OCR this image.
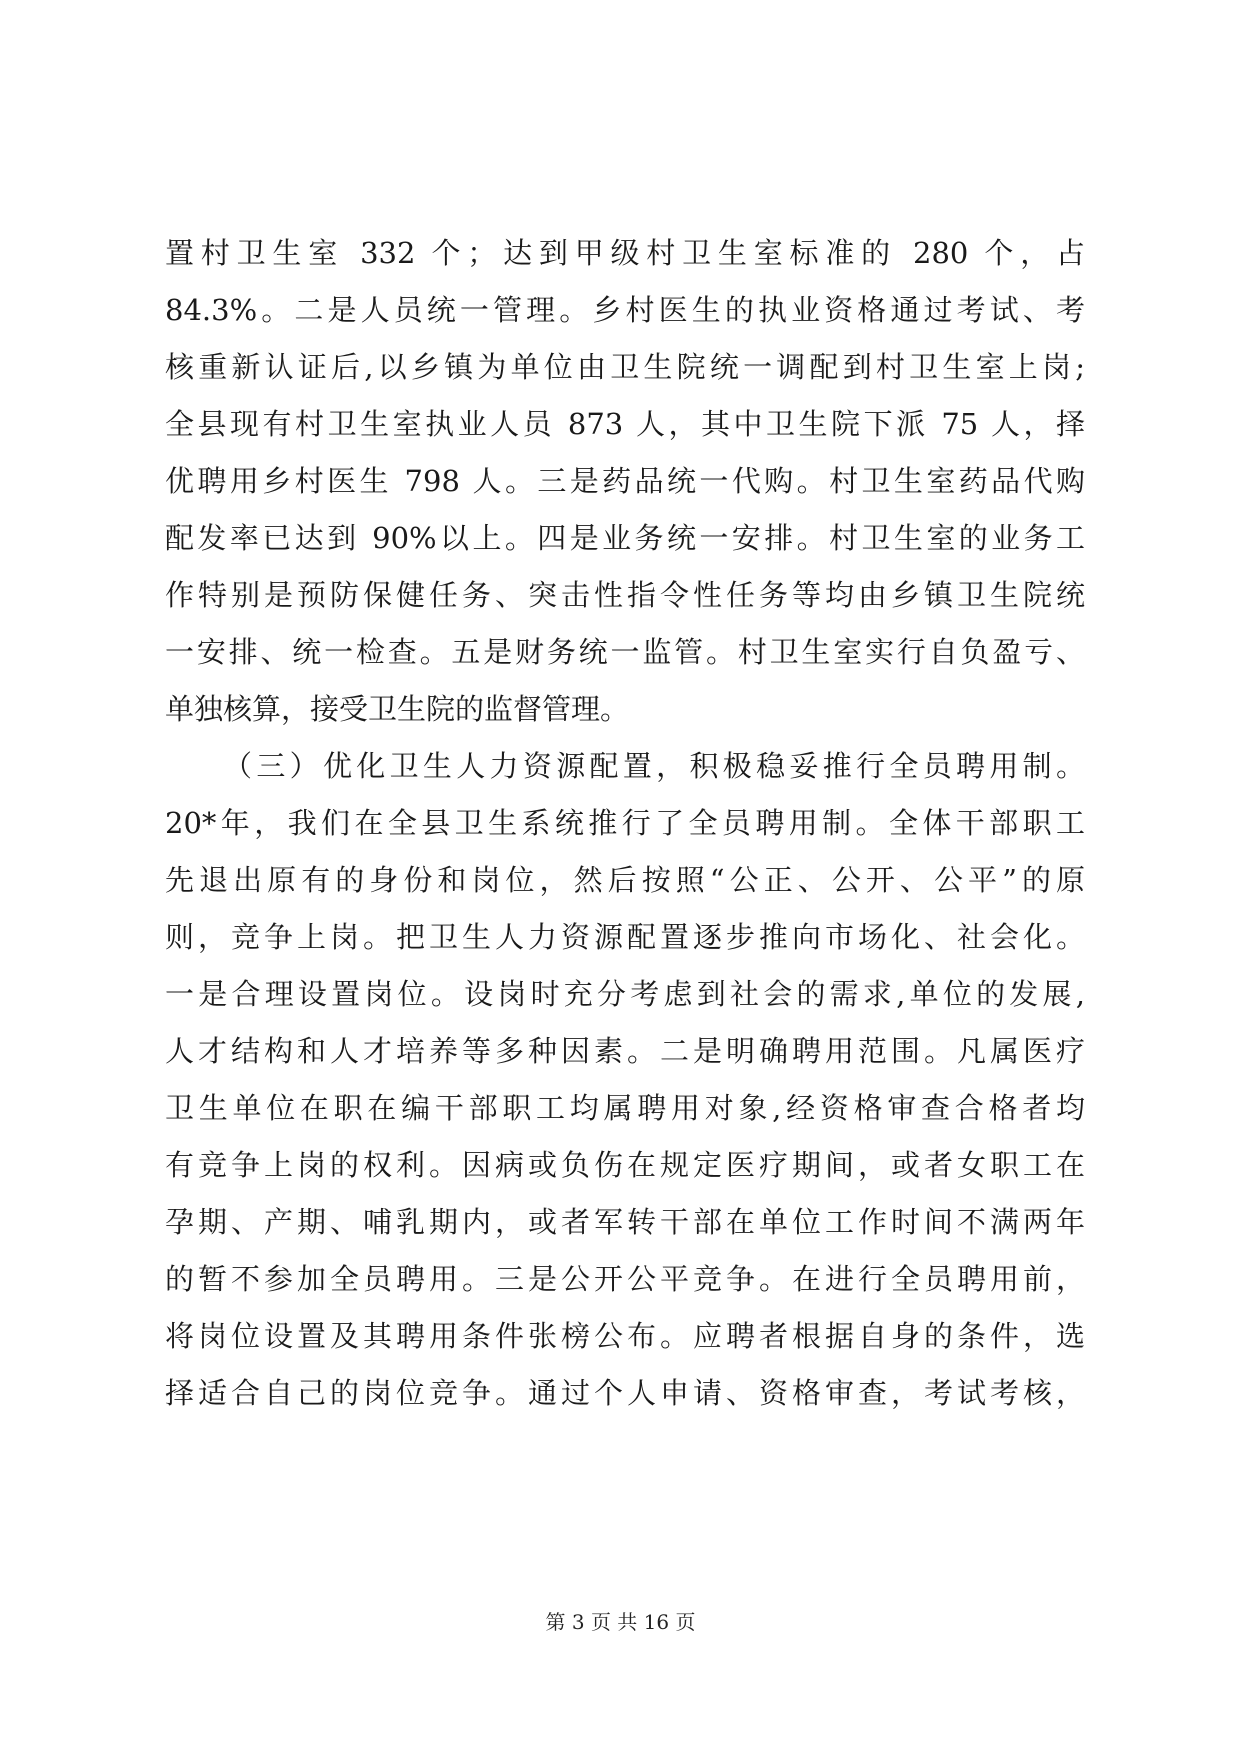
置村卫生室 332 个；达到甲级村卫生室标准的 280 个，占
84.3%。二是人员统一管理。乡村医生的执业资格通过考试、考
核重新认证后,以乡镇为单位由卫生院统一调配到村卫生室上岗;
全县现有村卫生室执业人员 873 人，其中卫生院下派 75 人，择
优聘用乡村医生 798 人。三是药品统一代购。村卫生室药品代购
配发率已达到 90%以上。四是业务统一安排。村卫生室的业务工
作特别是预防保健任务、突击性指令性任务等均由乡镇卫生院统
一安排、统一检查。五是财务统一监管。村卫生室实行自负盈亏、
单独核算，接受卫生院的监督管理。
（三）优化卫生人力资源配置，积极稳妥推行全员聘用制。
20*年，我们在全县卫生系统推行了全员聘用制。全体干部职工
先退出原有的身份和岗位，然后按照“公正、公开、公平”的原
则，竞争上岗。把卫生人力资源配置逐步推向市场化、社会化。
一是合理设置岗位。设岗时充分考虑到社会的需求,单位的发展,
人才结构和人才培养等多种因素。二是明确聘用范围。凡属医疗
卫生单位在职在编干部职工均属聘用对象,经资格审查合格者均
有竞争上岗的权利。因病或负伤在规定医疗期间，或者女职工在
孕期、产期、哺乳期内，或者军转干部在单位工作时间不满两年
的暂不参加全员聘用。三是公开公平竞争。在进行全员聘用前，
将岗位设置及其聘用条件张榜公布。应聘者根据自身的条件，选
择适合自己的岗位竞争。通过个人申请、资格审查，考试考核，
第 3 页 共 16 页
